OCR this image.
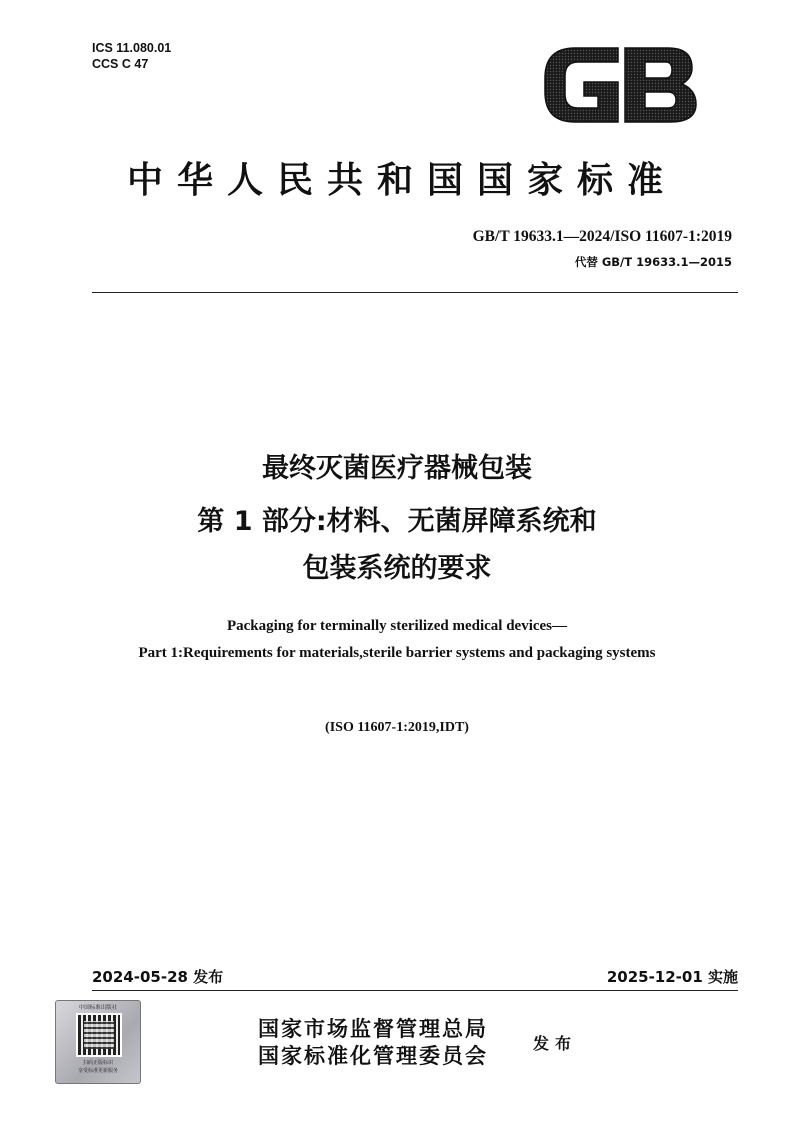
ICS 11.080.01
CCS C 47
GB
中华人民共和国国家标准
GB/T 19633.1—2024/ISO 11607-1:2019
代替 GB/T 19633.1—2015
最终灭菌医疗器械包装
第 1 部分:材料、无菌屏障系统和
包装系统的要求
Packaging for terminally sterilized medical devices—
Part 1:Requirements for materials,sterile barrier systems and packaging systems
(ISO 11607-1:2019,IDT)
2024-05-28 发布	2025-12-01 实施
中国标准出版社
扫码正版标识
享受标准更新服务
国家市场监督管理总局
国家标准化管理委员会
发布
